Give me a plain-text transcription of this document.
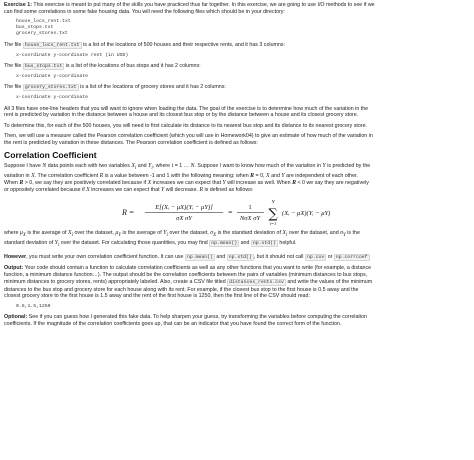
Exercise 1: This exercise is meant to put many of the skills you have practiced thus far together. In this exercise, we are going to use I/O methods to see if we
can find some correlations in some fake housing data. You will need the following files which should be in your directory:

house_locs_rent.txt
bus_stops.txt
grocery_stores.txt

The file house_locs_rent.txt is a list of the locations of 500 houses and their respective rents, and it has 3 columns:

x-coordinate y-coordinate rent (in USD)

The file bus_stops.txt is a list of the locations of bus stops and it has 2 columns:

x-coordinate y-coordinate

The file grocery_stores.txt is a list of the locations of grocery stores and it has 2 columns:

x-coordinate y-coordinate

All 3 files have one-line headers that you will want to ignore when loading the data. The goal of the exercise is to determine how much of the variation in the
rent is predicted by variation in the distance between a house and its closest bus stop or by the distance between a house and its closest grocery store.

To determine this, for each of the 500 houses, you will need to first calculate its distance to its nearest bus stop and its distance to its nearest grocery store.

Then, we will use a measure called the Pearson correlation coefficient (which you will use in Homework04) to give an estimate of how much of the variation in
the rent is predicted by variation in these distances. The Pearson correlation coefficient is defined as follows:

Correlation Coefficient

Suppose I have N data points each with two variables $X_i$ and $Y_i$, where i = 1 … N. Suppose I want to know how much of the variation in Y is predicted by the
variation in X. The correlation coefficient R is a value between -1 and 1 with the following meaning: when R = 0, X and Y are independent of each other.
When R > 0, we say they are positively correlated because if X increases we can expect that Y will increase as well. When R < 0 we say they are negatively
or oppositely correlated because if X increases we can expect that Y will decrease. R is defined as follows:

R =
E[(Xᵢ − μX)(Yᵢ − μY)]
σX σY
=
1
NσX σY
N
∑
i=1
(Xᵢ − μX)(Yᵢ − μY)

where $\mu_X$ is the average of $X_i$ over the dataset, $\mu_Y$ is the average of $Y_i$ over the dataset, $\sigma_X$ is the standard deviation of $X_i$ over the dataset, and $\sigma_Y$ is the
standard deviation of $Y_i$ over the dataset. For calculating those quantities, you may find np.mean() and np.std() helpful.

However, you must write your own correlation coefficient function. It can use np.mean() and np.std() , but it should not call np.cov or np.corrcoef

Output: Your code should contain a function to calculate correlation coefficients as well as any other functions that you want to write (for example, a distance
function, a minimum distance function…). The output should be the correlation coefficients between the pairs of variables (minimum distances to bus stops,
minimum distances to grocery stores, rents) appropriately labeled. Also, create a CSV file titled distances_rents.csv and write the values of the minimum
distances to the bus stop and grocery store for each house along with its rent. For example, if the closest bus stop to the first house is 0.5 away and the
closest grocery store to the first house is 1.5 away and the rent of the first house is 1250, then the first line of the CSV should read:

0.5,1.5,1250

Optional: See if you can guess how I generated this fake data. To help sharpen your guess, try transforming the variables before computing the correlation
coefficients. If the magnitude of the correlation coefficients goes up, that can be an indicator that you have found the correct form of the function.
